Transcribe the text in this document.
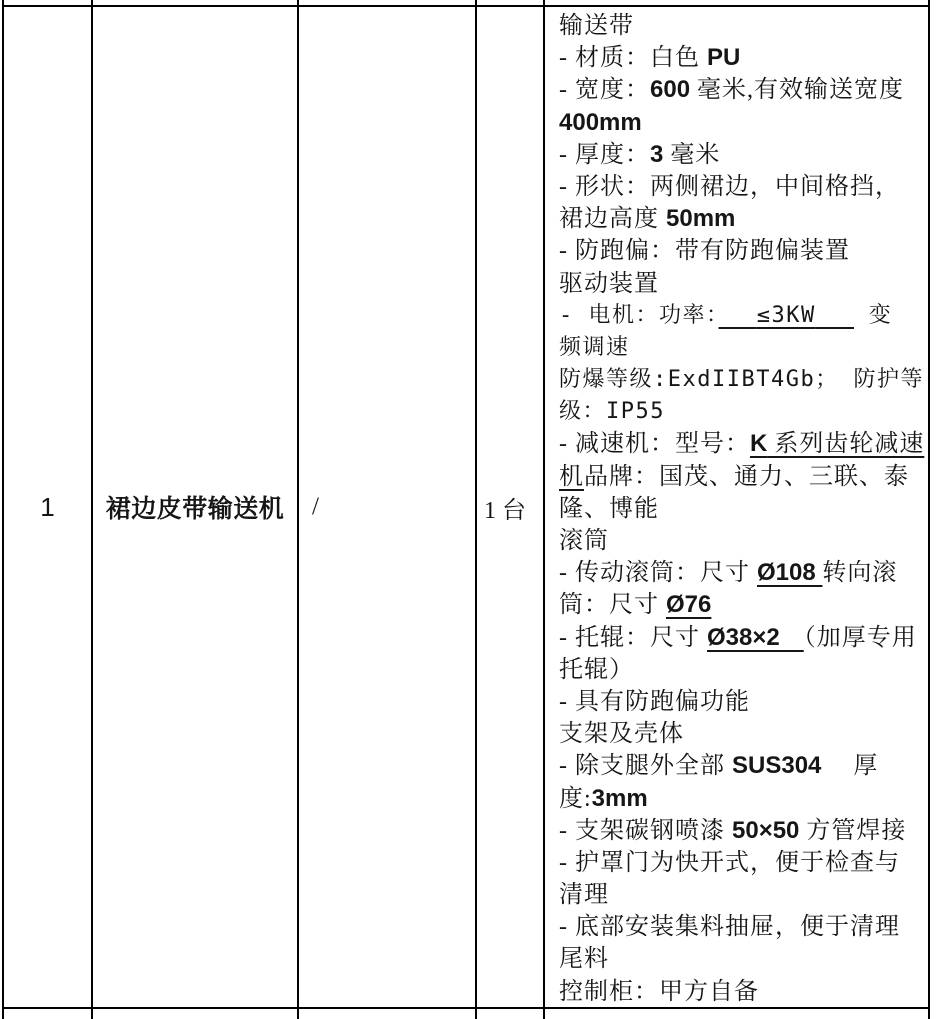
1	裙边皮带输送机	/	1 台
输送带
- 材质：白色 PU
- 宽度：600 毫米,有效输送宽度
400mm
- 厚度：3 毫米
- 形状：两侧裙边，中间格挡，
裙边高度 50mm
- 防跑偏：带有防跑偏装置
驱动装置
- 电机：功率：　 ≤3KW　  变
频调速
防爆等级:ExdIIBT4Gb； 防护等
级：IP55
- 减速机：型号：K 系列齿轮减速
机品牌：国茂、通力、三联、泰
隆、博能
滚筒
- 传动滚筒：尺寸 Ø108 转向滚
筒：尺寸 Ø76
- 托辊：尺寸 Ø38×2　（加厚专用
托辊）
- 具有防跑偏功能
支架及壳体
- 除支腿外全部 SUS304　 厚
度:3mm
- 支架碳钢喷漆 50×50 方管焊接
- 护罩门为快开式，便于检查与
清理
- 底部安装集料抽屉，便于清理
尾料
控制柜：甲方自备
